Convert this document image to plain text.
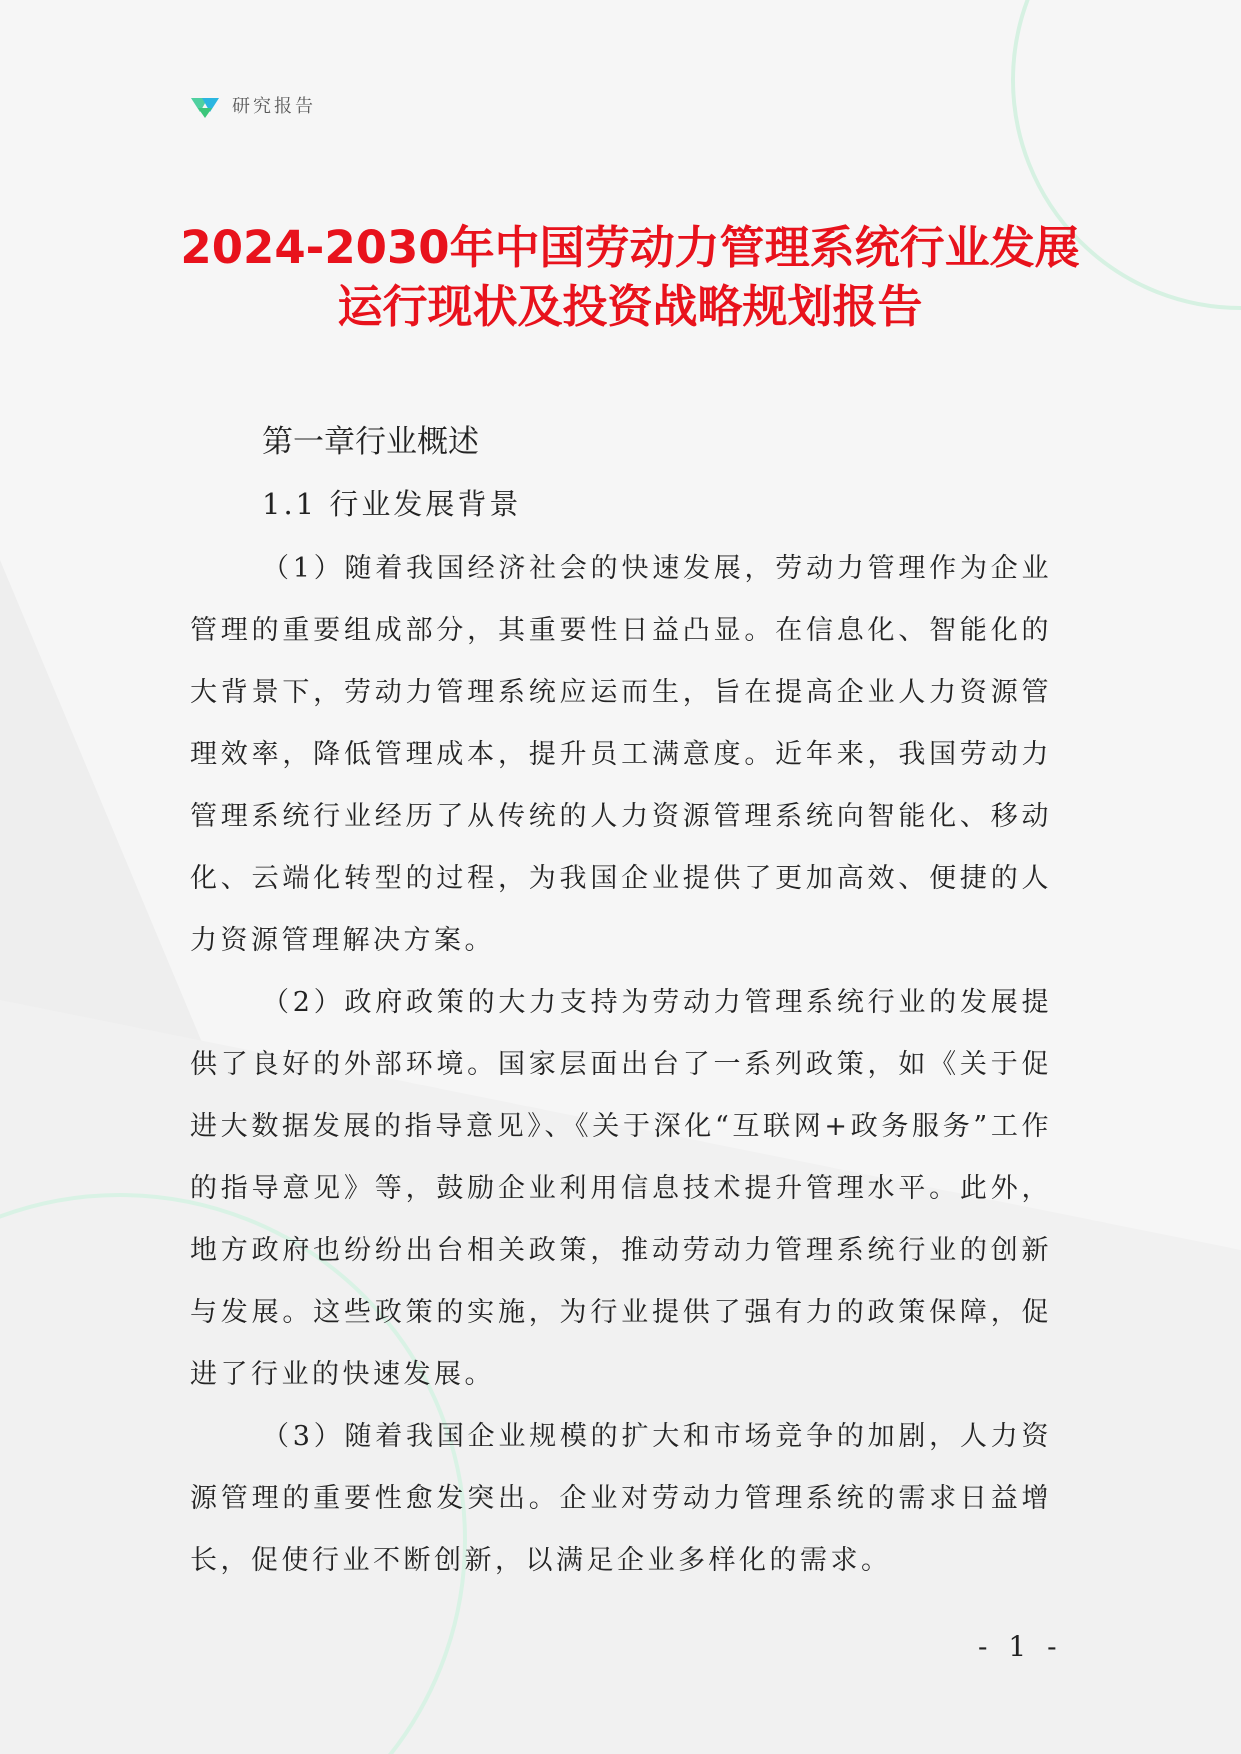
研究报告
2024-2030年中国劳动力管理系统行业发展
运行现状及投资战略规划报告
第一章行业概述
1.1 行业发展背景

（1）随着我国经济社会的快速发展，劳动力管理作为企业管理的重要组成部分，其重要性日益凸显。在信息化、智能化的大背景下，劳动力管理系统应运而生，旨在提高企业人力资源管理效率，降低管理成本，提升员工满意度。近年来，我国劳动力管理系统行业经历了从传统的人力资源管理系统向智能化、移动化、云端化转型的过程，为我国企业提供了更加高效、便捷的人力资源管理解决方案。

（2）政府政策的大力支持为劳动力管理系统行业的发展提供了良好的外部环境。国家层面出台了一系列政策，如《关于促进大数据发展的指导意见》、《关于深化“互联网+政务服务”工作的指导意见》等，鼓励企业利用信息技术提升管理水平。此外，地方政府也纷纷出台相关政策，推动劳动力管理系统行业的创新与发展。这些政策的实施，为行业提供了强有力的政策保障，促进了行业的快速发展。

（3）随着我国企业规模的扩大和市场竞争的加剧，人力资源管理的重要性愈发突出。企业对劳动力管理系统的需求日益增长，促使行业不断创新，以满足企业多样化的需求。

- 1 -
